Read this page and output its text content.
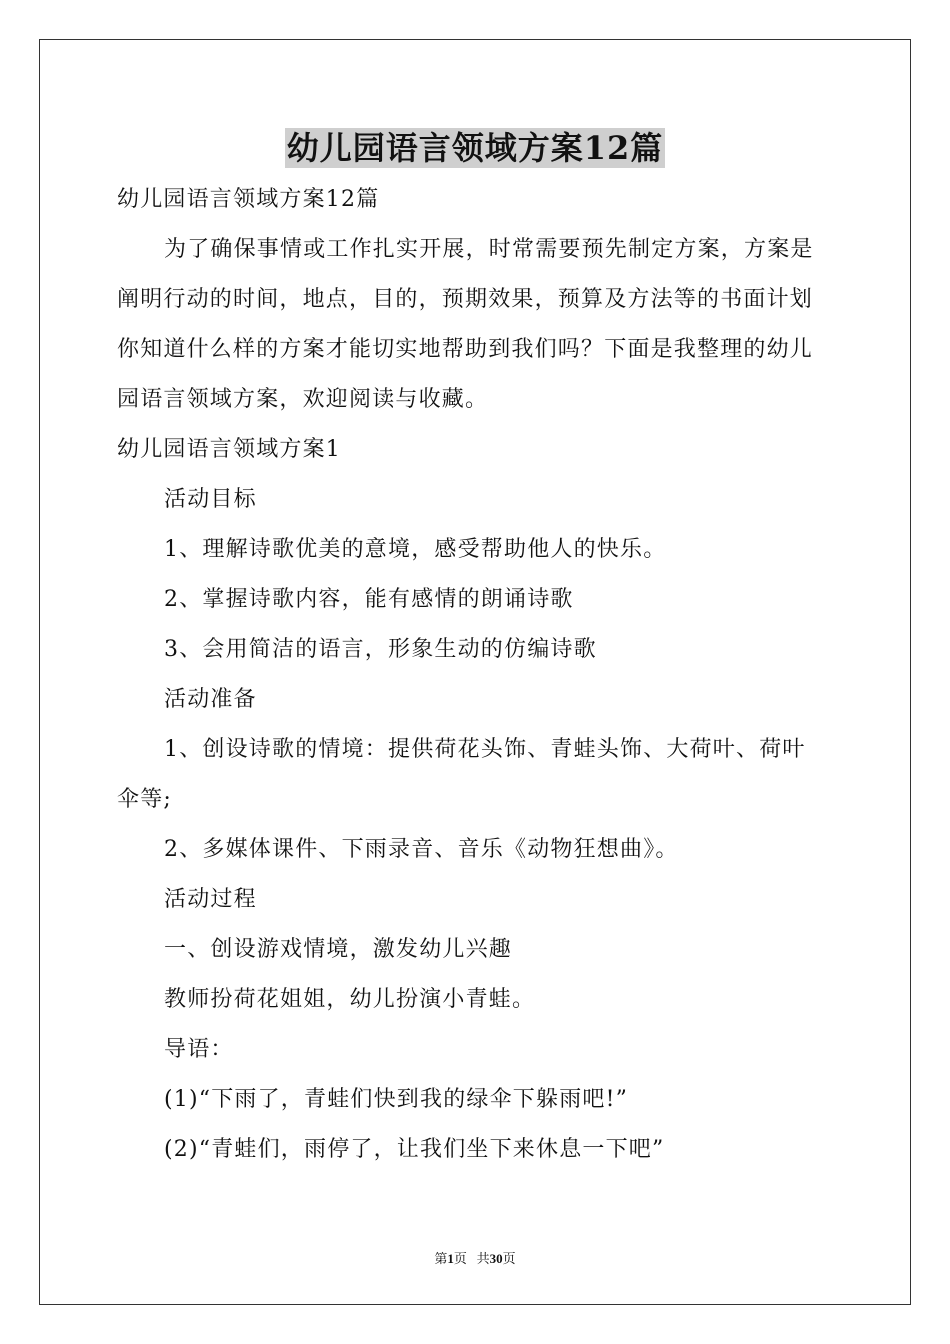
幼儿园语言领域方案12篇
幼儿园语言领域方案12篇
为了确保事情或工作扎实开展，时常需要预先制定方案，方案是
阐明行动的时间，地点，目的，预期效果，预算及方法等的书面计划
你知道什么样的方案才能切实地帮助到我们吗？下面是我整理的幼儿
园语言领域方案，欢迎阅读与收藏。
幼儿园语言领域方案1
活动目标
1、理解诗歌优美的意境，感受帮助他人的快乐。
2、掌握诗歌内容，能有感情的朗诵诗歌
3、会用简洁的语言，形象生动的仿编诗歌
活动准备
1、创设诗歌的情境：提供荷花头饰、青蛙头饰、大荷叶、荷叶
伞等;
2、多媒体课件、下雨录音、音乐《动物狂想曲》。
活动过程
一、创设游戏情境，激发幼儿兴趣
教师扮荷花姐姐，幼儿扮演小青蛙。
导语：
(1)“下雨了，青蛙们快到我的绿伞下躲雨吧!”
(2)“青蛙们，雨停了，让我们坐下来休息一下吧”
第1页 共30页
